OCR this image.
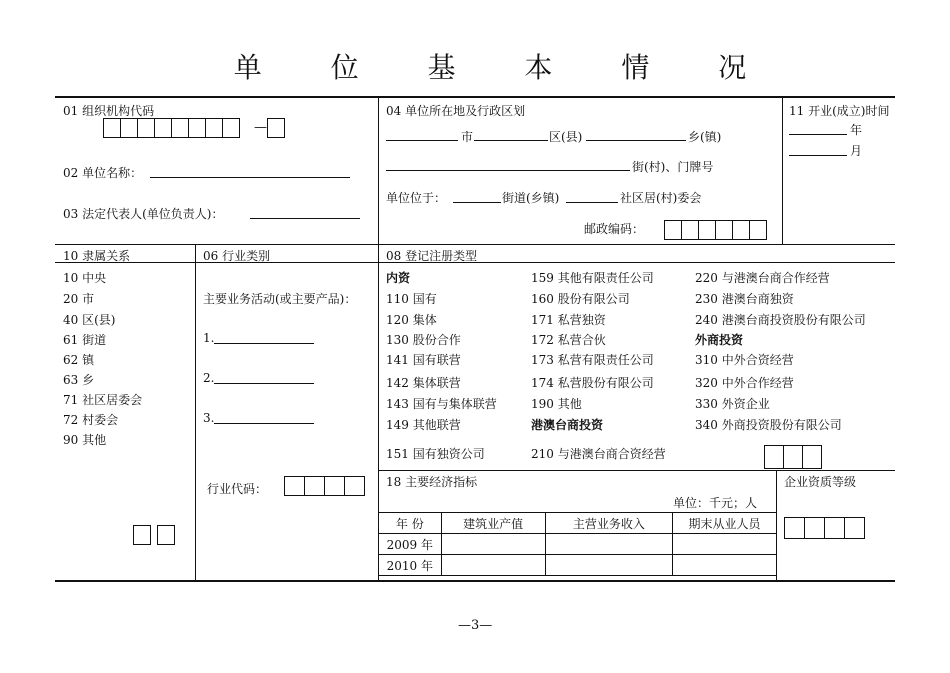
单 位 基 本 情 况
01 组织机构代码
—
02 单位名称：
03 法定代表人(单位负责人)：
04 单位所在地及行政区划
市	区(县)	乡(镇)
街(村)、门牌号
单位位于：	街道(乡镇)	社区居(村)委会
邮政编码：
11 开业(成立)时间
年
月
10 隶属关系
10 中央
20 市
40 区(县)
61 街道
62 镇
63 乡
71 社区居委会
72 村委会
90 其他
06 行业类别
主要业务活动(或主要产品)：
1.
2.
3.
行业代码：
08 登记注册类型
内资
110 国有
120 集体
130 股份合作
141 国有联营
142 集体联营
143 国有与集体联营
149 其他联营
151 国有独资公司
159 其他有限责任公司
160 股份有限公司
171 私营独资
172 私营合伙
173 私营有限责任公司
174 私营股份有限公司
190 其他
港澳台商投资
210 与港澳台商合资经营
220 与港澳台商合作经营
230 港澳台商独资
240 港澳台商投资股份有限公司
外商投资
310 中外合资经营
320 中外合作经营
330 外资企业
340 外商投资股份有限公司
18 主要经济指标
单位：千元；人
年 份	建筑业产值	主营业务收入	期末从业人员
2009 年			
2010 年			
企业资质等级
—3—
